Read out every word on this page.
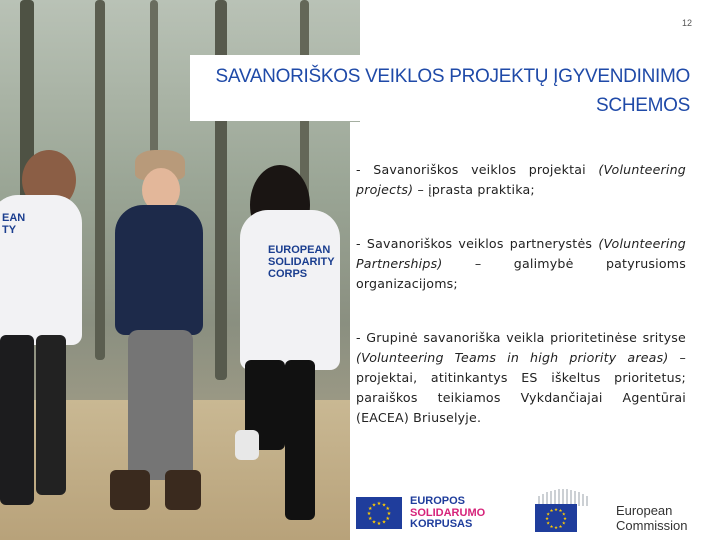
EAN
TY
EUROPEAN
SOLIDARITY
CORPS
12
SAVANORIŠKOS VEIKLOS PROJEKTŲ ĮGYVENDINIMO
SCHEMOS
- Savanoriškos veiklos projektai (Volunteering projects) – įprasta praktika;
- Savanoriškos veiklos partnerystės (Volunteering Partnerships) – galimybė patyrusioms organizacijoms;
- Grupinė savanoriška veikla prioritetinėse srityse (Volunteering Teams in high priority areas) – projektai, atitinkantys ES iškeltus prioritetus; paraiškos teikiamos Vykdančiajai Agentūrai (EACEA) Briuselyje.
★ ★
★
★
★
★
★
★
★
★
★
★	EUROPOS
SOLIDARUMO
KORPUSAS
★ ★
★
★
★
★
★
★
★
★
★
★	European
Commission
